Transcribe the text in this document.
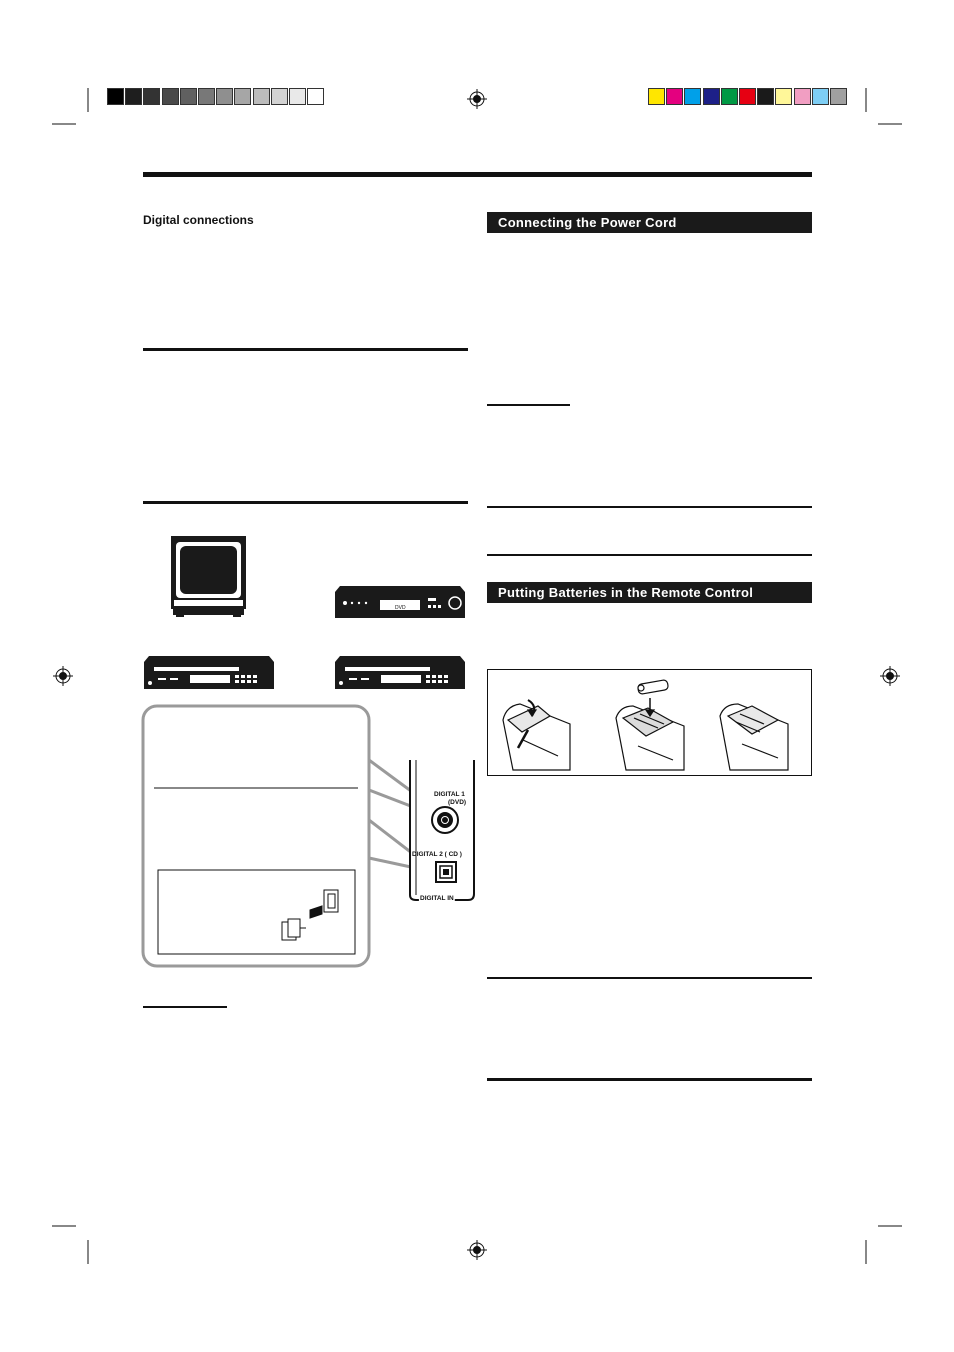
Digital connections	Connecting the Power Cord
Putting Batteries in the Remote Control
DVD
DIGITAL 1
(DVD)
DIGITAL 2 ( CD )
DIGITAL IN
